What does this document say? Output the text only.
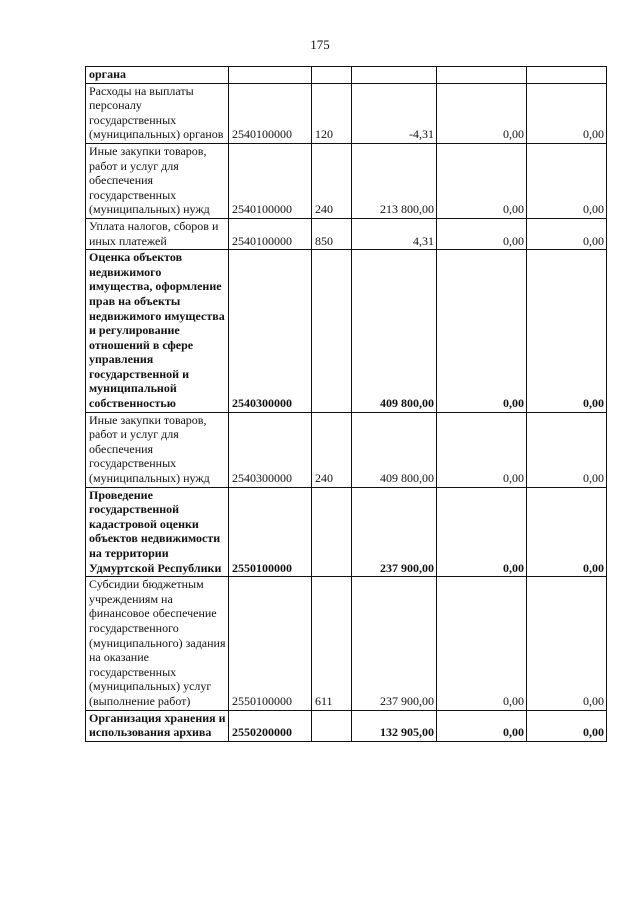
175
органа					
Расходы на выплаты персоналу государственных (муниципальных) органов	2540100000	120	-4,31	0,00	0,00
Иные закупки товаров, работ и услуг для обеспечения государственных (муниципальных) нужд	2540100000	240	213 800,00	0,00	0,00
Уплата налогов, сборов и иных платежей	2540100000	850	4,31	0,00	0,00
Оценка объектов недвижимого имущества, оформление прав на объекты недвижимого имущества и регулирование отношений в сфере управления государственной и муниципальной собственностью	2540300000		409 800,00	0,00	0,00
Иные закупки товаров, работ и услуг для обеспечения государственных (муниципальных) нужд	2540300000	240	409 800,00	0,00	0,00
Проведение государственной кадастровой оценки объектов недвижимости на территории Удмуртской Республики	2550100000		237 900,00	0,00	0,00
Субсидии бюджетным учреждениям на финансовое обеспечение государственного (муниципального) задания на оказание государственных (муниципальных) услуг (выполнение работ)	2550100000	611	237 900,00	0,00	0,00
Организация хранения и использования архива	2550200000		132 905,00	0,00	0,00
